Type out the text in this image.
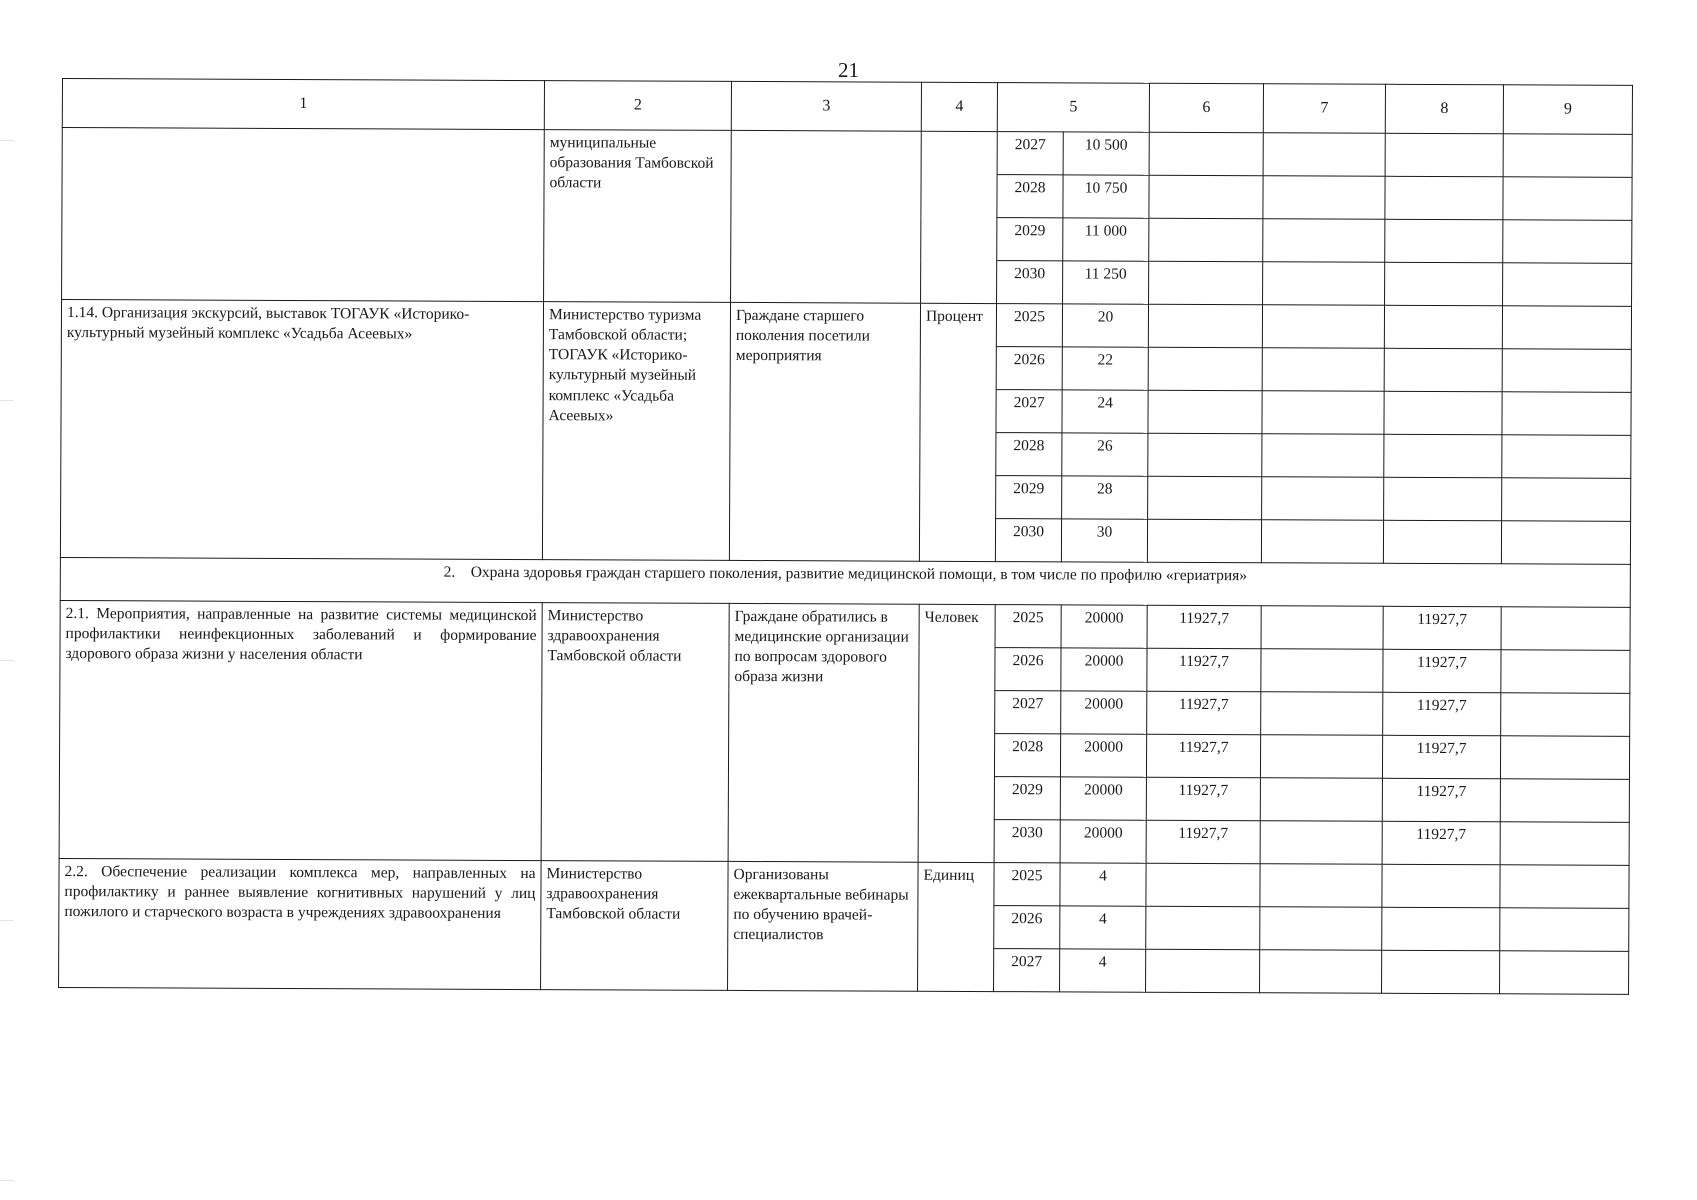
21
1	2	3	4	5		6	7	8	9
	муниципальные образования Тамбовской области			2027	10 500				
				2028	10 750				
				2029	11 000				
				2030	11 250				
1.14. Организация экскурсий, выставок ТОГАУК «Историко-культурный музейный комплекс «Усадьба Асеевых»	Министерство туризма Тамбовской области; ТОГАУК «Историко-культурный музейный комплекс «Усадьба Асеевых»	Граждане старшего поколения посетили мероприятия	Процент	2025	20				
				2026	22				
				2027	24				
				2028	26				
				2029	28				
				2030	30				
2.    Охрана здоровья граждан старшего поколения, развитие медицинской помощи, в том числе по профилю «гериатрия»									
2.1. Мероприятия, направленные на развитие системы медицинской профилактики неинфекционных заболеваний и формирование здорового образа жизни у населения области	Министерство здравоохранения Тамбовской области	Граждане обратились в медицинские организации по вопросам здорового образа жизни	Человек	2025	20000	11927,7		11927,7	
				2026	20000	11927,7		11927,7	
				2027	20000	11927,7		11927,7	
				2028	20000	11927,7		11927,7	
				2029	20000	11927,7		11927,7	
				2030	20000	11927,7		11927,7	
2.2. Обеспечение реализации комплекса мер, направленных на профилактику и раннее выявление когнитивных нарушений у лиц пожилого и старческого возраста в учреждениях здравоохранения	Министерство здравоохранения Тамбовской области	Организованы ежеквартальные вебинары по обучению врачей-специалистов	Единиц	2025	4				
				2026	4				
				2027	4				
